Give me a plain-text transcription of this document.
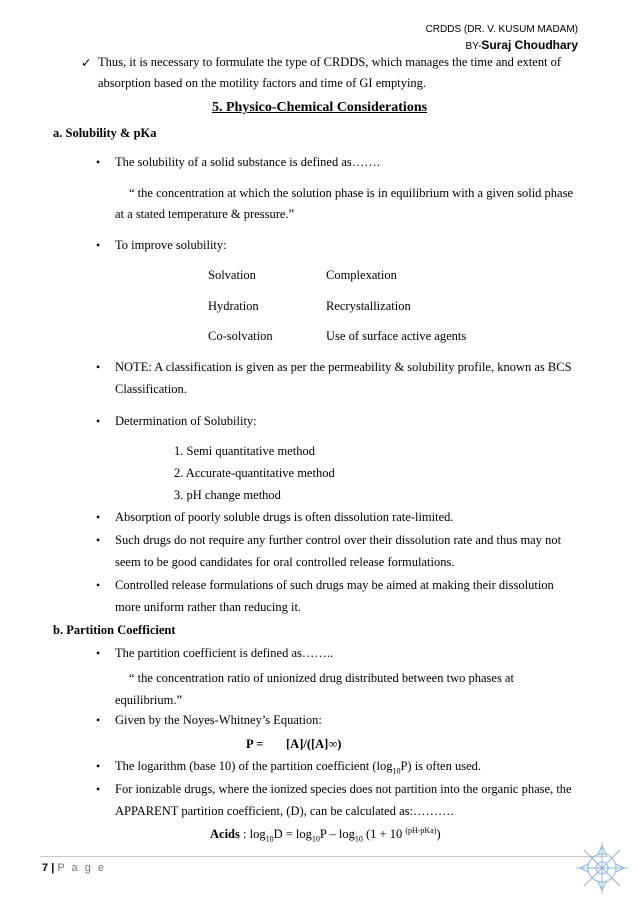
CRDDS (DR. V. KUSUM MADAM)
BY-Suraj Choudhary
✓ Thus, it is necessary to formulate the type of CRDDS, which manages the time and extent of
absorption based on the motility factors and time of GI emptying.
5. Physico-Chemical Considerations
a. Solubility & pKa
• The solubility of a solid substance is defined as…….
“ the concentration at which the solution phase is in equilibrium with a given solid phase
at a stated temperature & pressure.”
• To improve solubility:
Solvation	Complexation
Hydration	Recrystallization
Co-solvation	Use of surface active agents
• NOTE: A classification is given as per the permeability & solubility profile, known as BCS
Classification.
• Determination of Solubility:
1. Semi quantitative method
2. Accurate-quantitative method
3. pH change method
• Absorption of poorly soluble drugs is often dissolution rate-limited.
• Such drugs do not require any further control over their dissolution rate and thus may not
seem to be good candidates for oral controlled release formulations.
• Controlled release formulations of such drugs may be aimed at making their dissolution
more uniform rather than reducing it.
b. Partition Coefficient
• The partition coefficient is defined as……..
“ the concentration ratio of unionized drug distributed between two phases at
equilibrium.”
• Given by the Noyes-Whitney’s Equation:
P = [A]/([A]∞)
• The logarithm (base 10) of the partition coefficient $(\log_{10}P)$ is often used.
• For ionizable drugs, where the ionized species does not partition into the organic phase, the
APPARENT partition coefficient, (D), can be calculated as:……….
Acids : $\log_{10}D = \log_{10}P - \log_{10} (1 + 10$ $^{(pH-pKa)}$)
7 | P a g e
